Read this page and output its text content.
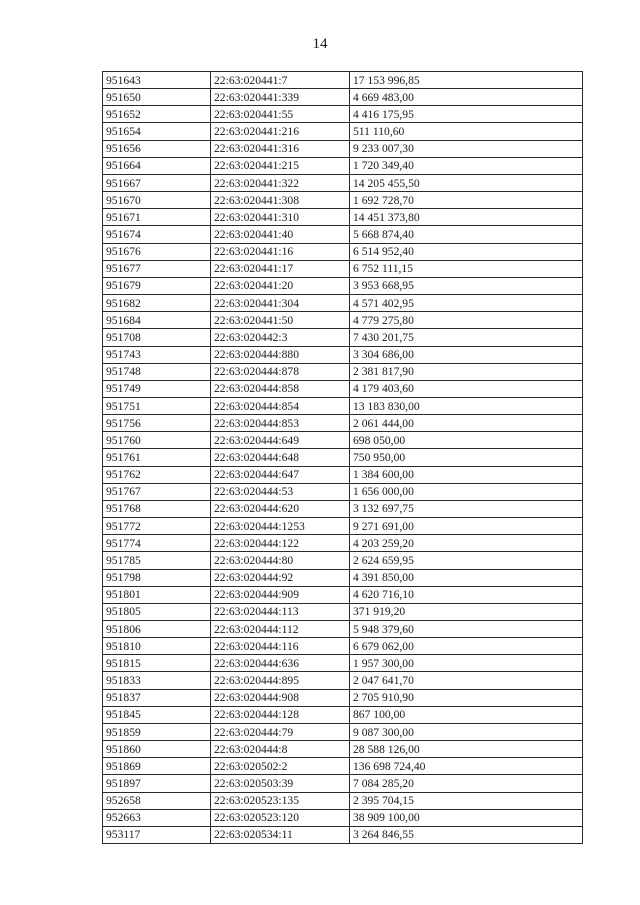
14
951643	22:63:020441:7	17 153 996,85
951650	22:63:020441:339	4 669 483,00
951652	22:63:020441:55	4 416 175,95
951654	22:63:020441:216	511 110,60
951656	22:63:020441:316	9 233 007,30
951664	22:63:020441:215	1 720 349,40
951667	22:63:020441:322	14 205 455,50
951670	22:63:020441:308	1 692 728,70
951671	22:63:020441:310	14 451 373,80
951674	22:63:020441:40	5 668 874,40
951676	22:63:020441:16	6 514 952,40
951677	22:63:020441:17	6 752 111,15
951679	22:63:020441:20	3 953 668,95
951682	22:63:020441:304	4 571 402,95
951684	22:63:020441:50	4 779 275,80
951708	22:63:020442:3	7 430 201,75
951743	22:63:020444:880	3 304 686,00
951748	22:63:020444:878	2 381 817,90
951749	22:63:020444:858	4 179 403,60
951751	22:63:020444:854	13 183 830,00
951756	22:63:020444:853	2 061 444,00
951760	22:63:020444:649	698 050,00
951761	22:63:020444:648	750 950,00
951762	22:63:020444:647	1 384 600,00
951767	22:63:020444:53	1 656 000,00
951768	22:63:020444:620	3 132 697,75
951772	22:63:020444:1253	9 271 691,00
951774	22:63:020444:122	4 203 259,20
951785	22:63:020444:80	2 624 659,95
951798	22:63:020444:92	4 391 850,00
951801	22:63:020444:909	4 620 716,10
951805	22:63:020444:113	371 919,20
951806	22:63:020444:112	5 948 379,60
951810	22:63:020444:116	6 679 062,00
951815	22:63:020444:636	1 957 300,00
951833	22:63:020444:895	2 047 641,70
951837	22:63:020444:908	2 705 910,90
951845	22:63:020444:128	867 100,00
951859	22:63:020444:79	9 087 300,00
951860	22:63:020444:8	28 588 126,00
951869	22:63:020502:2	136 698 724,40
951897	22:63:020503:39	7 084 285,20
952658	22:63:020523:135	2 395 704,15
952663	22:63:020523:120	38 909 100,00
953117	22:63:020534:11	3 264 846,55
